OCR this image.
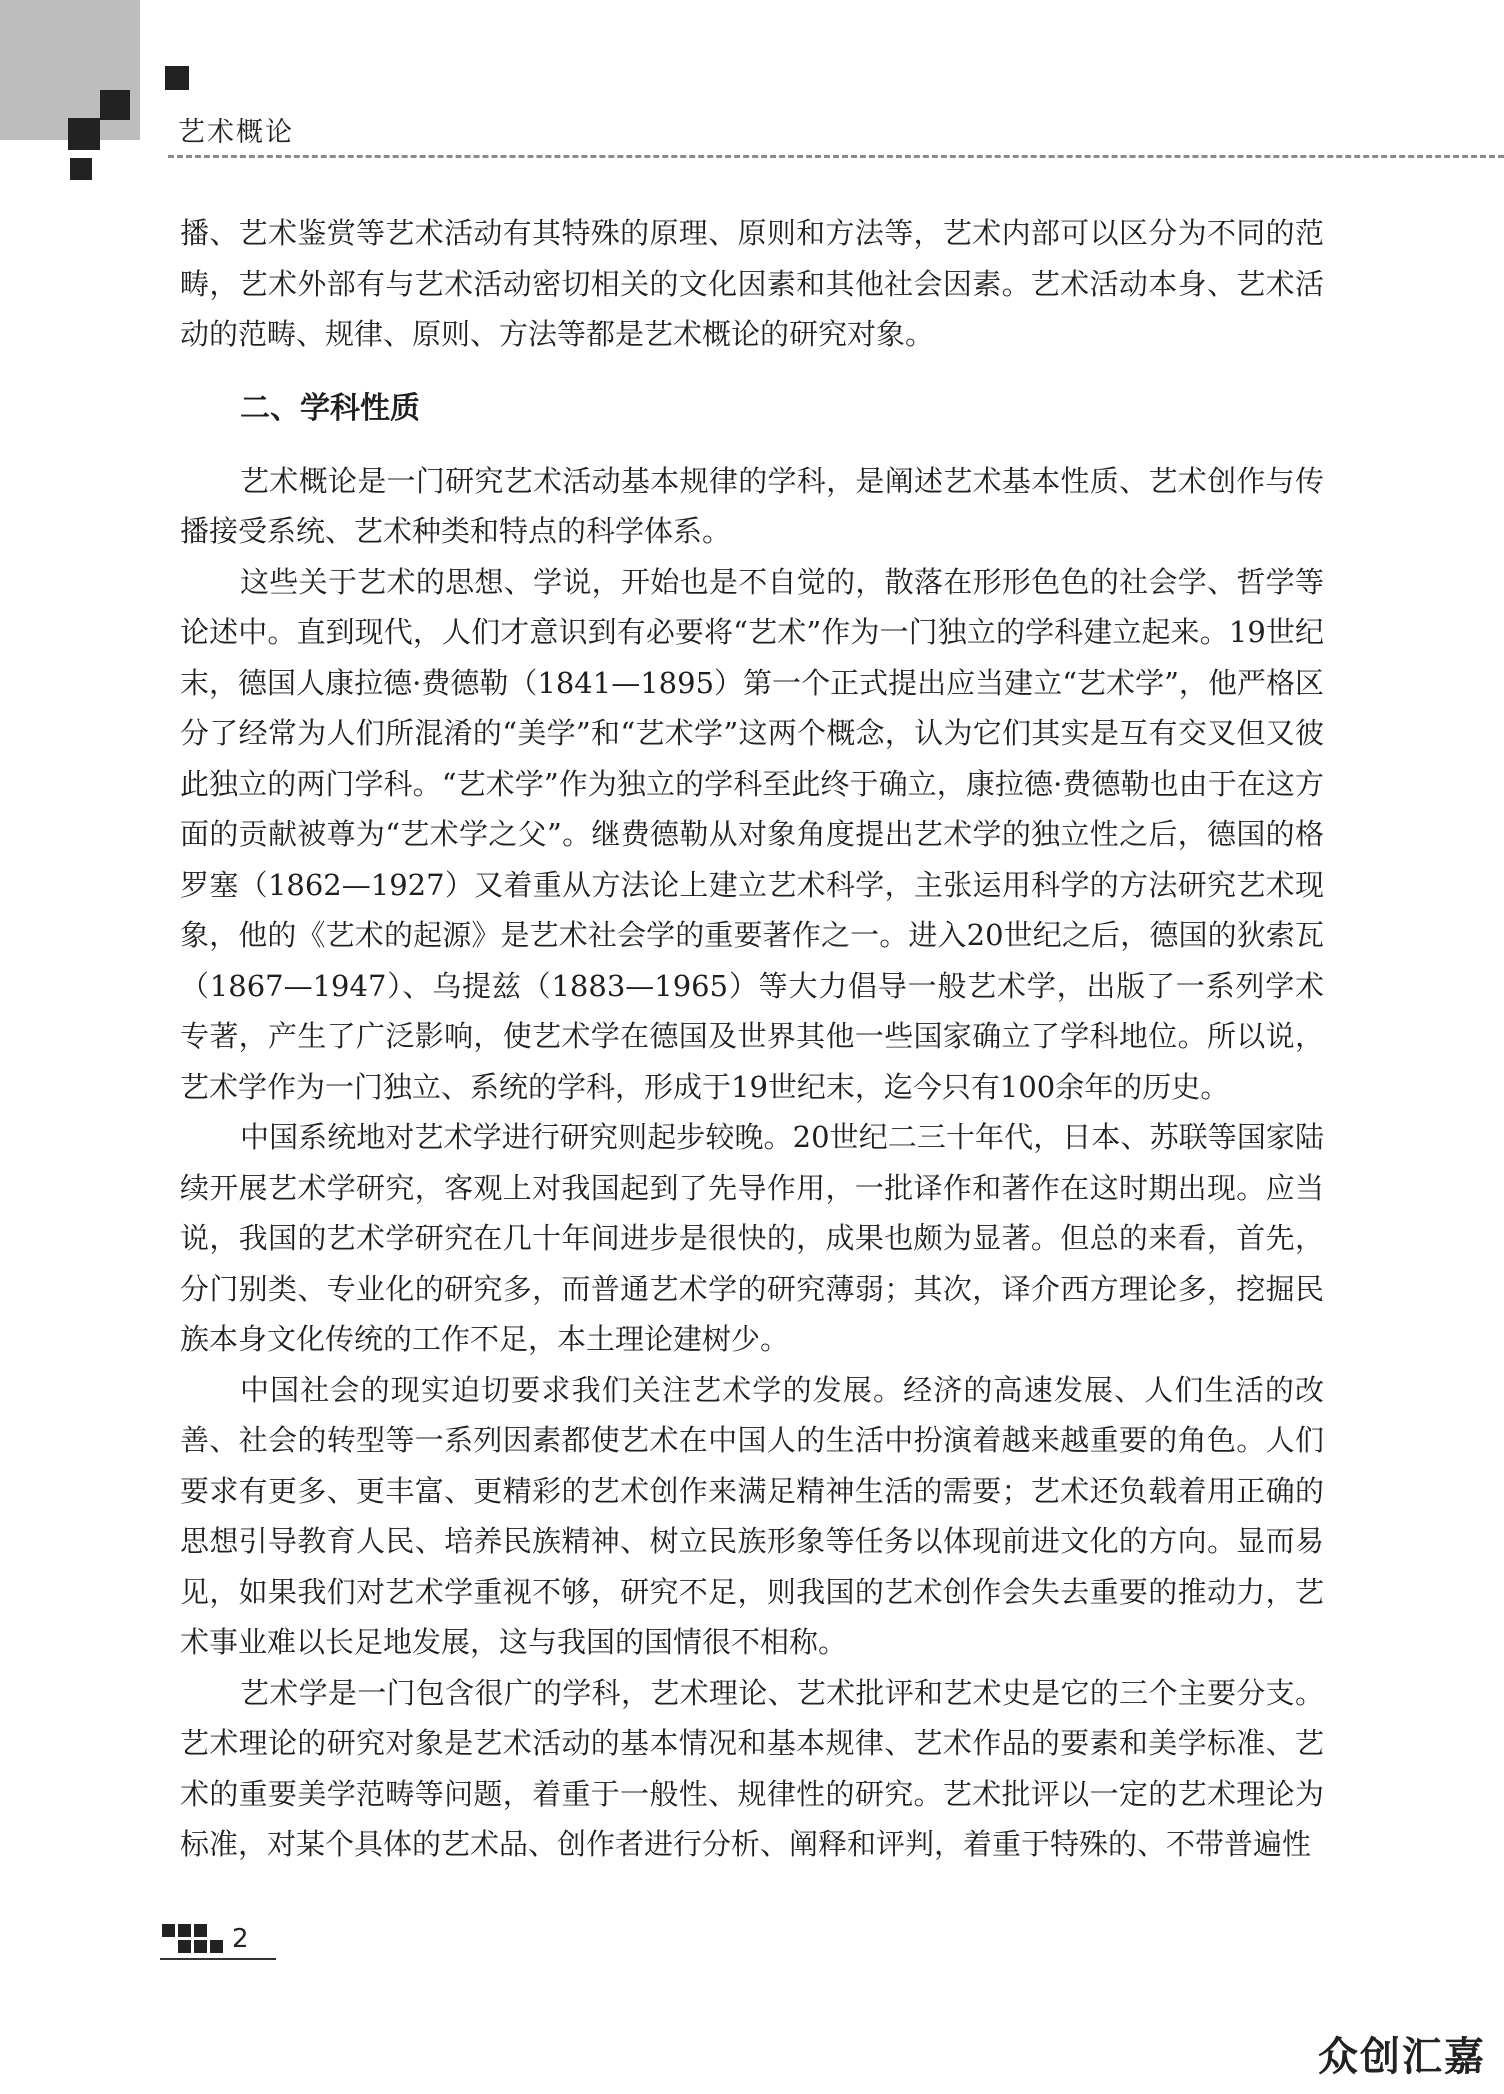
艺术概论

播、艺术鉴赏等艺术活动有其特殊的原理、原则和方法等，艺术内部可以区分为不同的范畴，艺术外部有与艺术活动密切相关的文化因素和其他社会因素。艺术活动本身、艺术活动的范畴、规律、原则、方法等都是艺术概论的研究对象。

二、学科性质

艺术概论是一门研究艺术活动基本规律的学科，是阐述艺术基本性质、艺术创作与传播接受系统、艺术种类和特点的科学体系。

这些关于艺术的思想、学说，开始也是不自觉的，散落在形形色色的社会学、哲学等论述中。直到现代，人们才意识到有必要将“艺术”作为一门独立的学科建立起来。19世纪末，德国人康拉德·费德勒（1841—1895）第一个正式提出应当建立“艺术学”，他严格区分了经常为人们所混淆的“美学”和“艺术学”这两个概念，认为它们其实是互有交叉但又彼此独立的两门学科。“艺术学”作为独立的学科至此终于确立，康拉德·费德勒也由于在这方面的贡献被尊为“艺术学之父”。继费德勒从对象角度提出艺术学的独立性之后，德国的格罗塞（1862—1927）又着重从方法论上建立艺术科学，主张运用科学的方法研究艺术现象，他的《艺术的起源》是艺术社会学的重要著作之一。进入20世纪之后，德国的狄索瓦（1867—1947）、乌提兹（1883—1965）等大力倡导一般艺术学，出版了一系列学术专著，产生了广泛影响，使艺术学在德国及世界其他一些国家确立了学科地位。所以说，艺术学作为一门独立、系统的学科，形成于19世纪末，迄今只有100余年的历史。

中国系统地对艺术学进行研究则起步较晚。20世纪二三十年代，日本、苏联等国家陆续开展艺术学研究，客观上对我国起到了先导作用，一批译作和著作在这时期出现。应当说，我国的艺术学研究在几十年间进步是很快的，成果也颇为显著。但总的来看，首先，分门别类、专业化的研究多，而普通艺术学的研究薄弱；其次，译介西方理论多，挖掘民族本身文化传统的工作不足，本土理论建树少。

中国社会的现实迫切要求我们关注艺术学的发展。经济的高速发展、人们生活的改善、社会的转型等一系列因素都使艺术在中国人的生活中扮演着越来越重要的角色。人们要求有更多、更丰富、更精彩的艺术创作来满足精神生活的需要；艺术还负载着用正确的思想引导教育人民、培养民族精神、树立民族形象等任务以体现前进文化的方向。显而易见，如果我们对艺术学重视不够，研究不足，则我国的艺术创作会失去重要的推动力，艺术事业难以长足地发展，这与我国的国情很不相称。

艺术学是一门包含很广的学科，艺术理论、艺术批评和艺术史是它的三个主要分支。艺术理论的研究对象是艺术活动的基本情况和基本规律、艺术作品的要素和美学标准、艺术的重要美学范畴等问题，着重于一般性、规律性的研究。艺术批评以一定的艺术理论为标准，对某个具体的艺术品、创作者进行分析、阐释和评判，着重于特殊的、不带普遍性

2
众创汇嘉
